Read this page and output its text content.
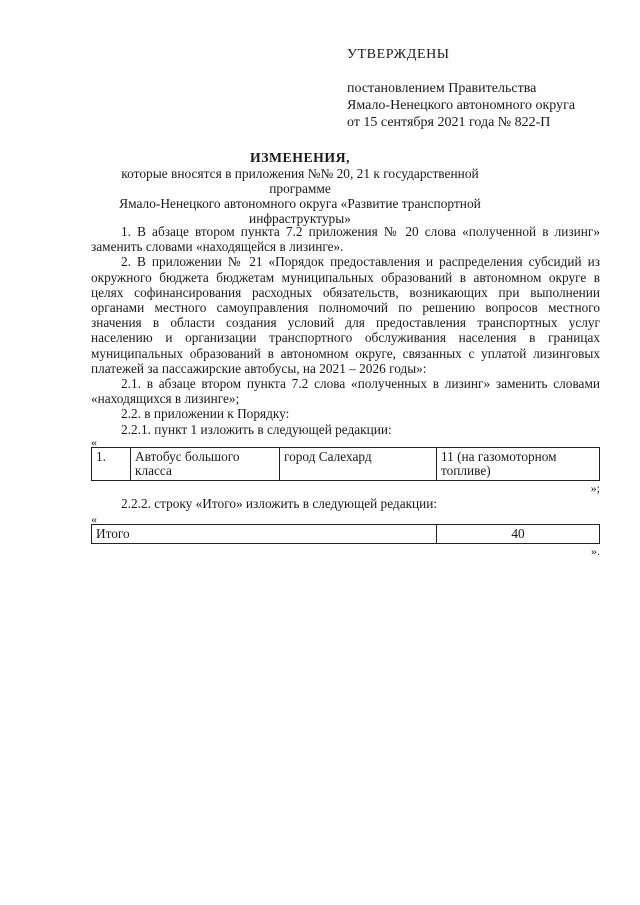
УТВЕРЖДЕНЫ
постановлением Правительства
Ямало-Ненецкого автономного округа
от 15 сентября 2021 года № 822-П
ИЗМЕНЕНИЯ,
которые вносятся в приложения №№ 20, 21 к государственной программе
Ямало-Ненецкого автономного округа «Развитие транспортной
инфраструктуры»

1. В абзаце втором пункта 7.2 приложения № 20 слова «полученной в лизинг» заменить словами «находящейся в лизинге».

2. В приложении № 21 «Порядок предоставления и распределения субсидий из окружного бюджета бюджетам муниципальных образований в автономном округе в целях софинансирования расходных обязательств, возникающих при выполнении органами местного самоуправления полномочий по решению вопросов местного значения в области создания условий для предоставления транспортных услуг населению и организации транспортного обслуживания населения в границах муниципальных образований в автономном округе, связанных с уплатой лизинговых платежей за пассажирские автобусы, на 2021 – 2026 годы»:

2.1. в абзаце втором пункта 7.2 слова «полученных в лизинг» заменить словами «находящихся в лизинге»;

2.2. в приложении к Порядку:

2.2.1. пункт 1 изложить в следующей редакции:

«
1.	Автобус большого класса	город Салехард	11 (на газомоторном топливе)
»;

2.2.2. строку «Итого» изложить в следующей редакции:

«
Итого	40
».
